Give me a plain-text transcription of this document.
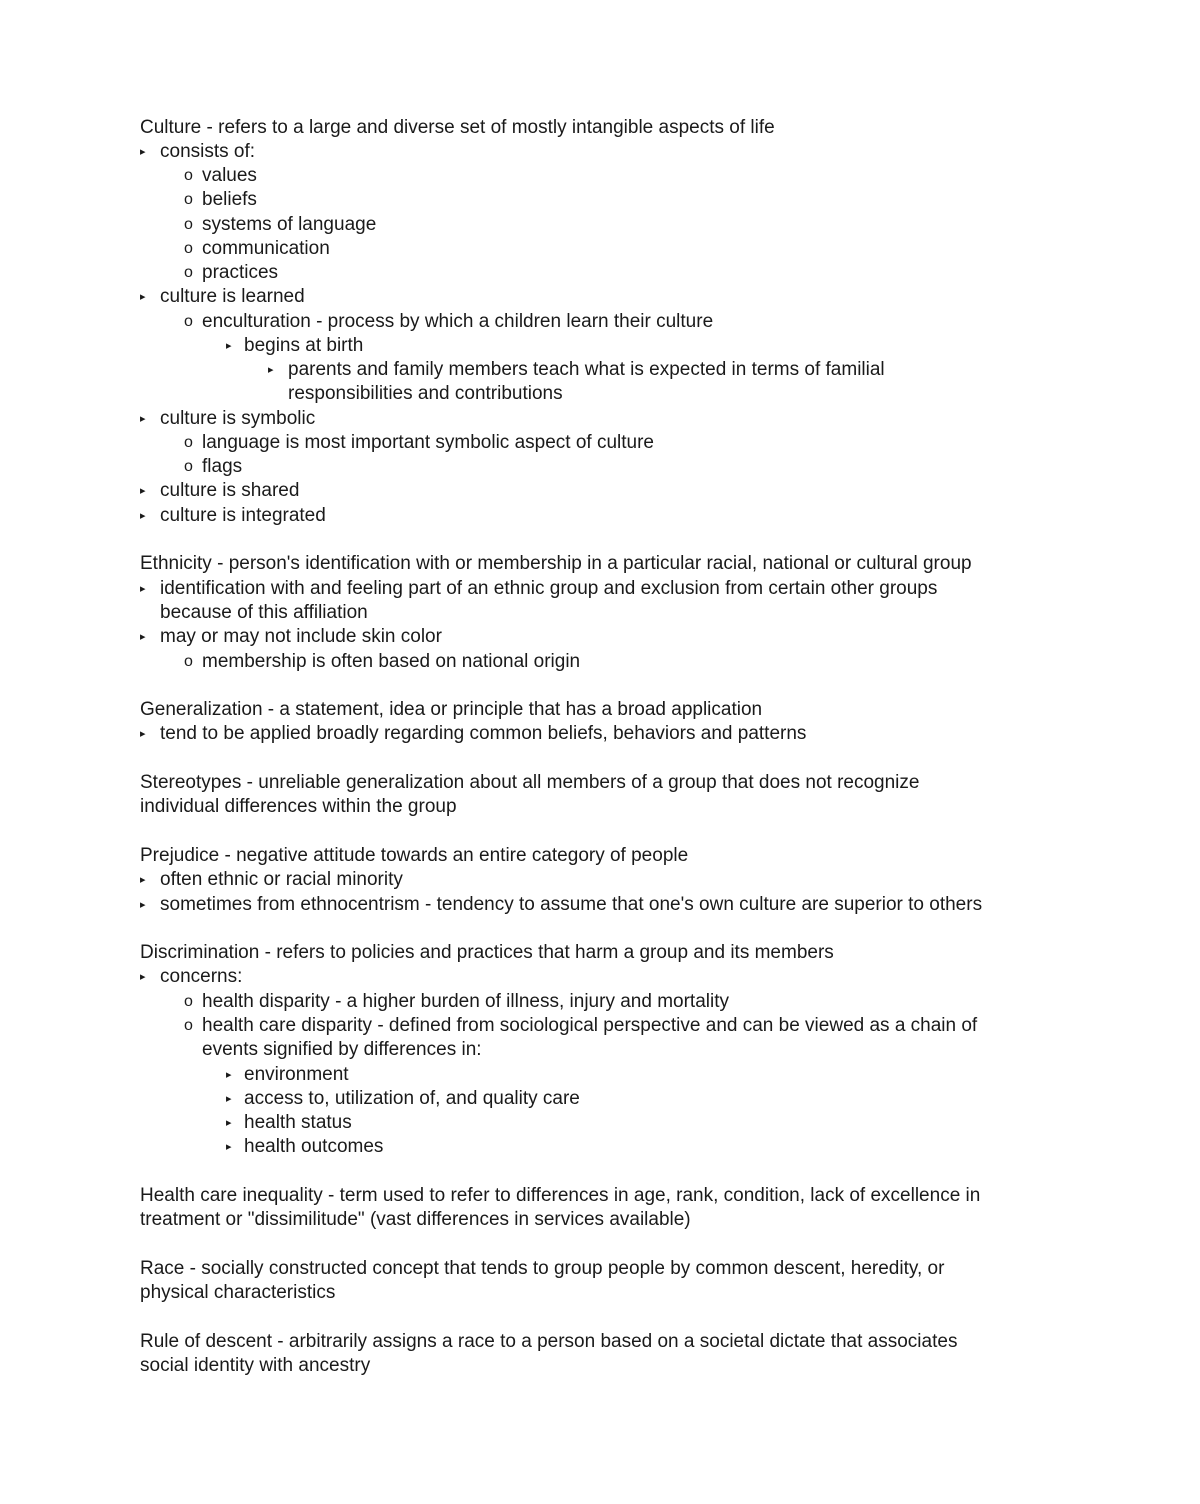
Culture - refers to a large and diverse set of mostly intangible aspects of life
▸ consists of:
o values
o beliefs
o systems of language
o communication
o practices
▸ culture is learned
o enculturation - process by which a children learn their culture
▸ begins at birth
▸ parents and family members teach what is expected in terms of familial
responsibilities and contributions
▸ culture is symbolic
o language is most important symbolic aspect of culture
o flags
▸ culture is shared
▸ culture is integrated
Ethnicity - person's identification with or membership in a particular racial, national or cultural group
▸ identification with and feeling part of an ethnic group and exclusion from certain other groups
because of this affiliation
▸ may or may not include skin color
o membership is often based on national origin
Generalization - a statement, idea or principle that has a broad application
▸ tend to be applied broadly regarding common beliefs, behaviors and patterns
Stereotypes - unreliable generalization about all members of a group that does not recognize
individual differences within the group
Prejudice - negative attitude towards an entire category of people
▸ often ethnic or racial minority
▸ sometimes from ethnocentrism - tendency to assume that one's own culture are superior to others
Discrimination - refers to policies and practices that harm a group and its members
▸ concerns:
o health disparity - a higher burden of illness, injury and mortality
o health care disparity - defined from sociological perspective and can be viewed as a chain of
events signified by differences in:
▸ environment
▸ access to, utilization of, and quality care
▸ health status
▸ health outcomes
Health care inequality - term used to refer to differences in age, rank, condition, lack of excellence in
treatment or "dissimilitude" (vast differences in services available)
Race - socially constructed concept that tends to group people by common descent, heredity, or
physical characteristics
Rule of descent - arbitrarily assigns a race to a person based on a societal dictate that associates
social identity with ancestry
